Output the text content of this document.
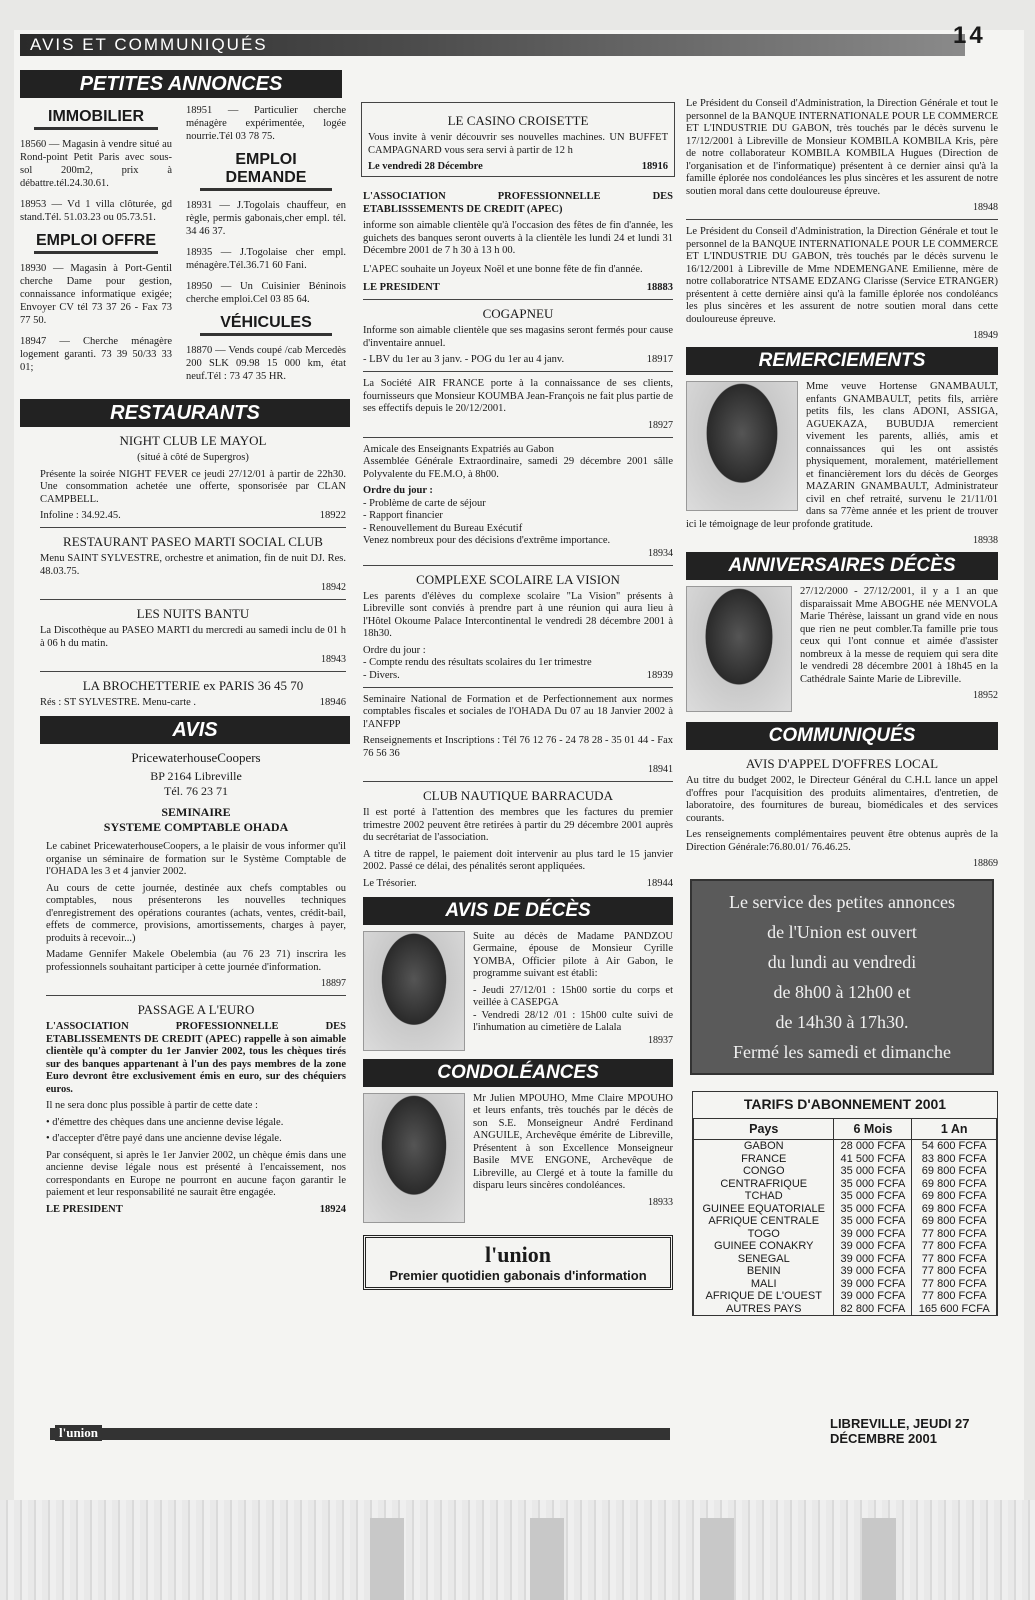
AVIS ET COMMUNIQUÉS	14
PETITES ANNONCES
IMMOBILIER
18560 — Magasin à vendre situé au Rond-point Petit Paris avec sous-sol 200m2, prix à débattre.tél.24.30.61.
18953 — Vd 1 villa clôturée, gd stand.Tél. 51.03.23 ou 05.73.51.
EMPLOI OFFRE
18930 — Magasin à Port-Gentil cherche Dame pour gestion, connaissance informatique exigée; Envoyer CV tél 73 37 26 - Fax 73 77 50.
18947 — Cherche ménagère logement garanti. 73 39 50/33 33 01;
18951 — Particulier cherche ménagère expérimentée, logée nourrie.Tél 03 78 75.
EMPLOI DEMANDE
18931 — J.Togolais chauffeur, en règle, permis gabonais,cher empl. tél. 34 46 37.
18935 — J.Togolaise cher empl. ménagère.Tél.36.71 60 Fani.
18950 — Un Cuisinier Béninois cherche emploi.Cel 03 85 64.
VÉHICULES
18870 — Vends coupé /cab Mercedès 200 SLK 09.98 15 000 km, état neuf.Tél : 73 47 35 HR.
RESTAURANTS
NIGHT CLUB LE MAYOL
(situé à côté de Supergros)
Présente la soirée NIGHT FEVER ce jeudi 27/12/01 à partir de 22h30. Une consommation achetée une offerte, sponsorisée par CLAN CAMPBELL.
Infoline : 34.92.45.	18922
RESTAURANT PASEO MARTI SOCIAL CLUB
Menu SAINT SYLVESTRE, orchestre et animation, fin de nuit DJ. Res. 48.03.75.
18942
LES NUITS BANTU
La Discothèque au PASEO MARTI du mercredi au samedi inclu de 01 h à 06 h du matin.
18943
LA BROCHETTERIE ex PARIS 36 45 70
Rés : ST SYLVESTRE. Menu-carte .	18946
AVIS
PricewaterhouseCoopers
BP 2164 Libreville
Tél. 76 23 71
SEMINAIRE
SYSTEME COMPTABLE OHADA
Le cabinet PricewaterhouseCoopers, a le plaisir de vous informer qu'il organise un séminaire de formation sur le Système Comptable de l'OHADA les 3 et 4 janvier 2002.
Au cours de cette journée, destinée aux chefs comptables ou comptables, nous présenterons les nouvelles techniques d'enregistrement des opérations courantes (achats, ventes, crédit-bail, effets de commerce, provisions, amortissements, charges à payer, produits à recevoir...)
Madame Gennifer Makele Obelembia (au 76 23 71) inscrira les professionnels souhaitant participer à cette journée d'information.
18897
PASSAGE A L'EURO
L'ASSOCIATION PROFESSIONNELLE DES ETABLISSEMENTS DE CREDIT (APEC) rappelle à son aimable clientèle qu'à compter du 1er Janvier 2002, tous les chèques tirés sur des banques appartenant à l'un des pays membres de la zone Euro devront être exclusivement émis en euro, sur des chéquiers euros.
Il ne sera donc plus possible à partir de cette date :
• d'émettre des chèques dans une ancienne devise légale.
• d'accepter d'être payé dans une ancienne devise légale.
Par conséquent, si après le 1er Janvier 2002, un chèque émis dans une ancienne devise légale nous est présenté à l'encaissement, nos correspondants en Europe ne pourront en aucune façon garantir le paiement et leur responsabilité ne saurait être engagée.
LE PRESIDENT	18924
LE CASINO CROISETTE
Vous invite à venir découvrir ses nouvelles machines. UN BUFFET CAMPAGNARD vous sera servi à partir de 12 h
Le vendredi 28 Décembre	18916
L'ASSOCIATION PROFESSIONNELLE DES ETABLISSSEMENTS DE CREDIT (APEC)
informe son aimable clientèle qu'à l'occasion des fêtes de fin d'année, les guichets des banques seront ouverts à la clientèle les lundi 24 et lundi 31 Décembre 2001 de 7 h 30 à 13 h 00.
L'APEC souhaite un Joyeux Noël et une bonne fête de fin d'année.
LE PRESIDENT	18883
COGAPNEU
Informe son aimable clientèle que ses magasins seront fermés pour cause d'inventaire annuel.
- LBV du 1er au 3 janv. - POG du 1er au 4 janv.	18917
La Société AIR FRANCE porte à la connaissance de ses clients, fournisseurs que Monsieur KOUMBA Jean-François ne fait plus partie de ses effectifs depuis le 20/12/2001.
18927
Amicale des Enseignants Expatriés au Gabon
Assemblée Générale Extraordinaire, samedi 29 décembre 2001 sâlle Polyvalente du FE.M.O, à 8h00.
Ordre du jour :
- Problème de carte de séjour
- Rapport financier
- Renouvellement du Bureau Exécutif
Venez nombreux pour des décisions d'extrême importance.
18934
COMPLEXE SCOLAIRE LA VISION
Les parents d'élèves du complexe scolaire "La Vision" présents à Libreville sont conviés à prendre part à une réunion qui aura lieu à l'Hôtel Okoume Palace Intercontinental le vendredi 28 décembre 2001 à 18h30.
Ordre du jour :
- Compte rendu des résultats scolaires du 1er trimestre
- Divers.	18939
Seminaire National de Formation et de Perfectionnement aux normes comptables fiscales et sociales de l'OHADA Du 07 au 18 Janvier 2002 à l'ANFPP
Renseignements et Inscriptions : Tél 76 12 76 - 24 78 28 - 35 01 44 - Fax 76 56 36
18941
CLUB NAUTIQUE BARRACUDA
Il est porté à l'attention des membres que les factures du premier trimestre 2002 peuvent être retirées à partir du 29 décembre 2001 auprès du secrétariat de l'association.
A titre de rappel, le paiement doit intervenir au plus tard le 15 janvier 2002. Passé ce délai, des pénalités seront appliquées.
Le Trésorier.	18944
AVIS DE DÉCÈS
Suite au décès de Madame PANDZOU Germaine, épouse de Monsieur Cyrille YOMBA, Officier pilote à Air Gabon, le programme suivant est établi:
- Jeudi 27/12/01 : 15h00 sortie du corps et veillée à CASEPGA
- Vendredi 28/12 /01 : 15h00 culte suivi de l'inhumation au cimetière de Lalala
18937
CONDOLÉANCES
Mr Julien MPOUHO, Mme Claire MPOUHO et leurs enfants, très touchés par le décès de son S.E. Monseigneur André Ferdinand ANGUILE, Archevêque émérite de Libreville, Présentent à son Excellence Monseigneur Basile MVE ENGONE, Archevêque de Libreville, au Clergé et à toute la famille du disparu leurs sincères condoléances.
18933
l'union
Premier quotidien gabonais d'information
Le Président du Conseil d'Administration, la Direction Générale et tout le personnel de la BANQUE INTERNATIONALE POUR LE COMMERCE ET L'INDUSTRIE DU GABON, très touchés par le décès survenu le 17/12/2001 à Libreville de Monsieur KOMBILA KOMBILA Kris, père de notre collaborateur KOMBILA KOMBILA Hugues (Direction de l'organisation et de l'informatique) présentent à ce dernier ainsi qu'à la famille éplorée nos condoléances les plus sincères et les assurent de notre soutien moral dans cette douloureuse épreuve.
18948
Le Président du Conseil d'Administration, la Direction Générale et tout le personnel de la BANQUE INTERNATIONALE POUR LE COMMERCE ET L'INDUSTRIE DU GABON, très touchés par le décès survenu le 16/12/2001 à Libreville de Mme NDEMENGANE Emilienne, mère de notre collaboratrice NTSAME EDZANG Clarisse (Service ETRANGER) présentent à cette dernière ainsi qu'à la famille éplorée nos condoléancs les plus sincères et les assurent de notre soutien moral dans cette douloureuse épreuve.
18949
REMERCIEMENTS
Mme veuve Hortense GNAMBAULT, enfants GNAMBAULT, petits fils, arrière petits fils, les clans ADONI, ASSIGA, AGUEKAZA, BUBUDJA remercient vivement les parents, alliés, amis et connaissances qui les ont assistés physiquement, moralement, matériellement et financièrement lors du décès de Georges MAZARIN GNAMBAULT, Administrateur civil en chef retraité, survenu le 21/11/01 dans sa 77ème année et les prient de trouver ici le témoignage de leur profonde gratitude.
18938
ANNIVERSAIRES DÉCÈS
27/12/2000 - 27/12/2001, il y a 1 an que disparaissait Mme ABOGHE née MENVOLA Marie Thérèse, laissant un grand vide en nous que rien ne peut combler.Ta famille prie tous ceux qui l'ont connue et aimée d'assister nombreux à la messe de requiem qui sera dite le vendredi 28 décembre 2001 à 18h45 en la Cathédrale Sainte Marie de Libreville.
18952
COMMUNIQUÉS
AVIS D'APPEL D'OFFRES LOCAL
Au titre du budget 2002, le Directeur Général du C.H.L lance un appel d'offres pour l'acquisition des produits alimentaires, d'entretien, de laboratoire, des fournitures de bureau, biomédicales et des services courants.
Les renseignements complémentaires peuvent être obtenus auprès de la Direction Générale:76.80.01/ 76.46.25.
18869
Le service des petites annonces
de l'Union est ouvert
du lundi au vendredi
de 8h00 à 12h00 et
de 14h30 à 17h30.
Fermé les samedi et dimanche
TARIFS D'ABONNEMENT 2001
Pays	6 Mois	1 An
GABON	28 000 FCFA	54 600 FCFA
FRANCE	41 500 FCFA	83 800 FCFA
CONGO	35 000 FCFA	69 800 FCFA
CENTRAFRIQUE	35 000 FCFA	69 800 FCFA
TCHAD	35 000 FCFA	69 800 FCFA
GUINEE EQUATORIALE	35 000 FCFA	69 800 FCFA
AFRIQUE CENTRALE	35 000 FCFA	69 800 FCFA
TOGO	39 000 FCFA	77 800 FCFA
GUINEE CONAKRY	39 000 FCFA	77 800 FCFA
SENEGAL	39 000 FCFA	77 800 FCFA
BENIN	39 000 FCFA	77 800 FCFA
MALI	39 000 FCFA	77 800 FCFA
AFRIQUE DE L'OUEST	39 000 FCFA	77 800 FCFA
AUTRES PAYS	82 800 FCFA	165 600 FCFA
l'union
LIBREVILLE, JEUDI 27 DÉCEMBRE 2001
